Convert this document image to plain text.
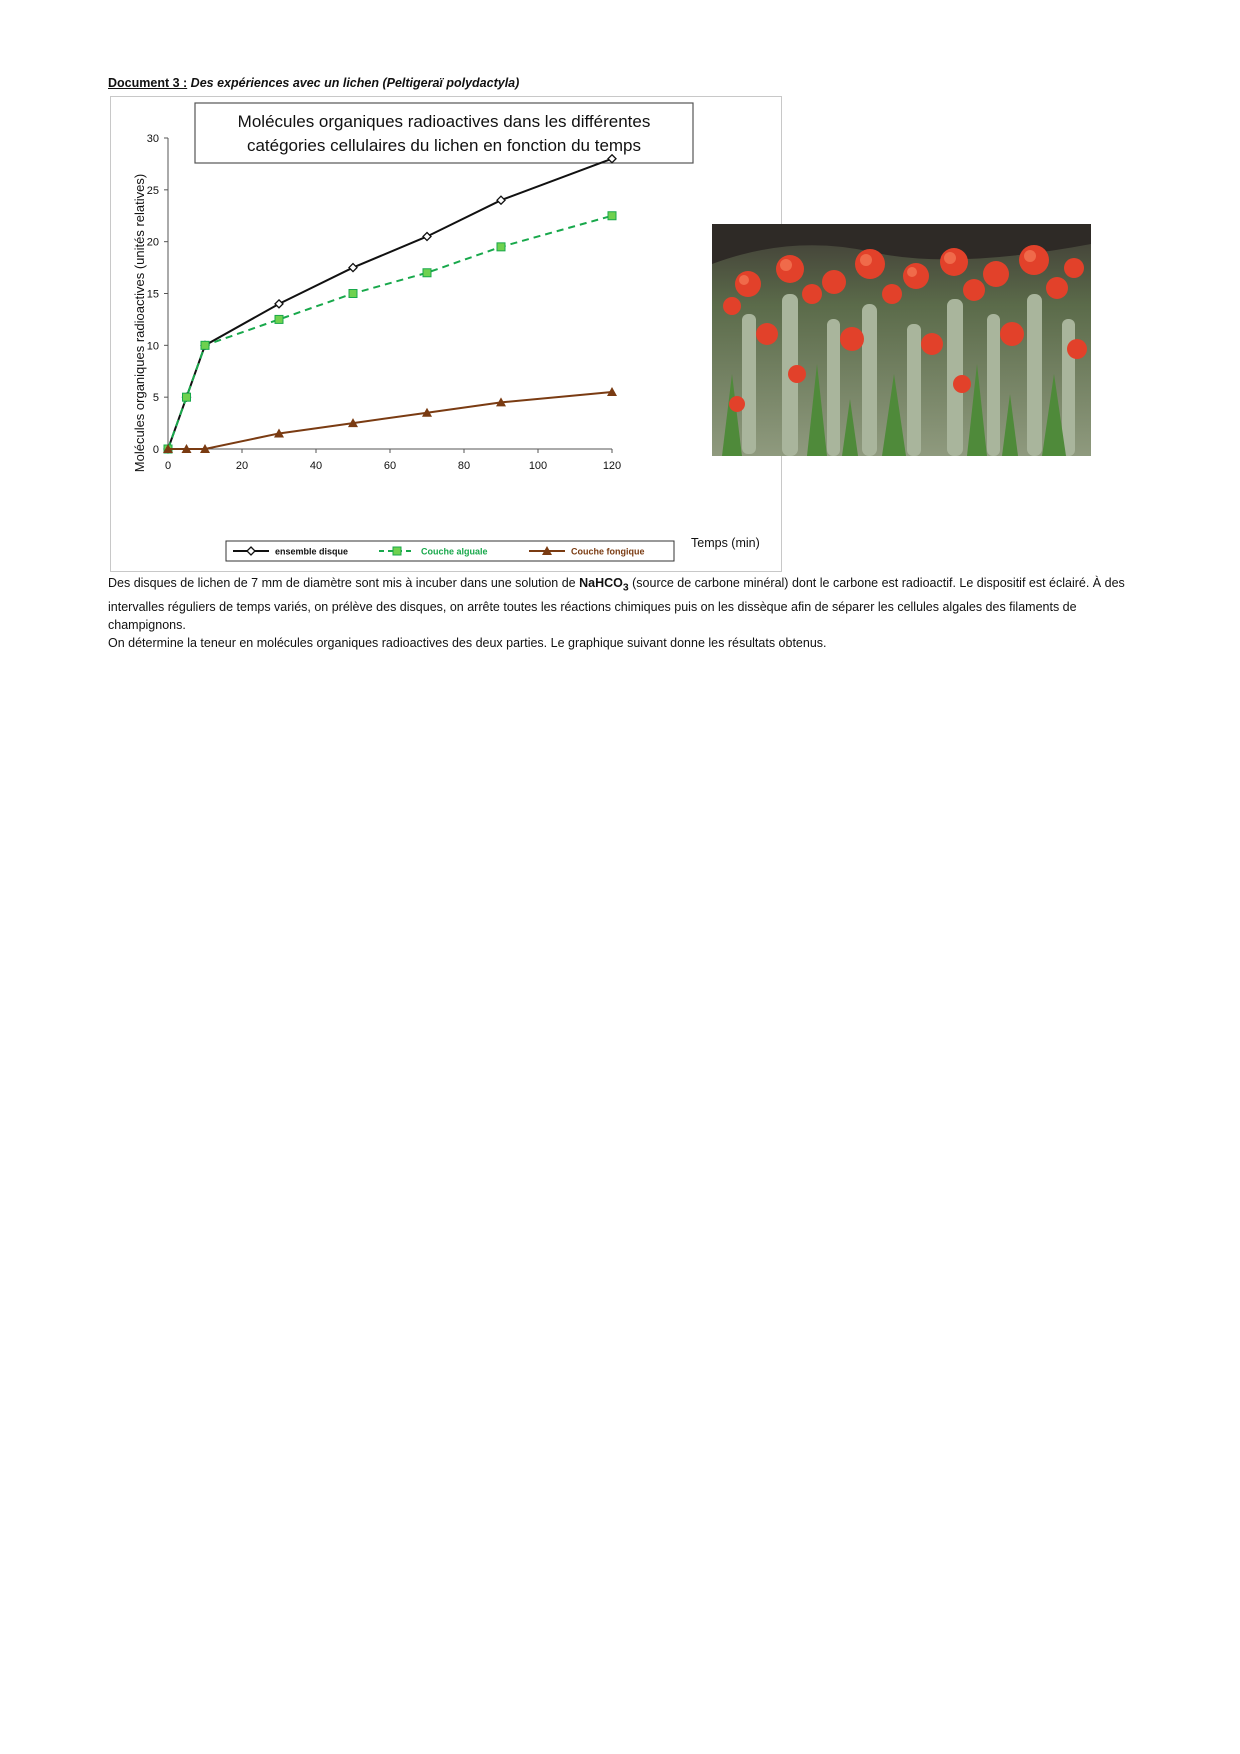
Document 3 : Des expériences avec un lichen (Peltigeraï polydactyla)
Molécules organiques radioactives dans les différentes
catégories cellulaires du lichen en fonction du temps
Molécules organiques radioactives (unités relatives)
Temps (min)
0
5
10
15
20
25
30
0	20	40	60	80	100	120
ensemble disque	Couche alguale	Couche fongique

Des disques de lichen de 7 mm de diamètre sont mis à incuber dans une solution de NaHCO$_3$ (source de carbone minéral) dont le carbone est radioactif. Le dispositif est éclairé. À des intervalles réguliers de temps variés, on prélève des disques, on arrête toutes les réactions chimiques puis on les dissèque afin de séparer les cellules algales des filaments de champignons.

On détermine la teneur en molécules organiques radioactives des deux parties. Le graphique suivant donne les résultats obtenus.
